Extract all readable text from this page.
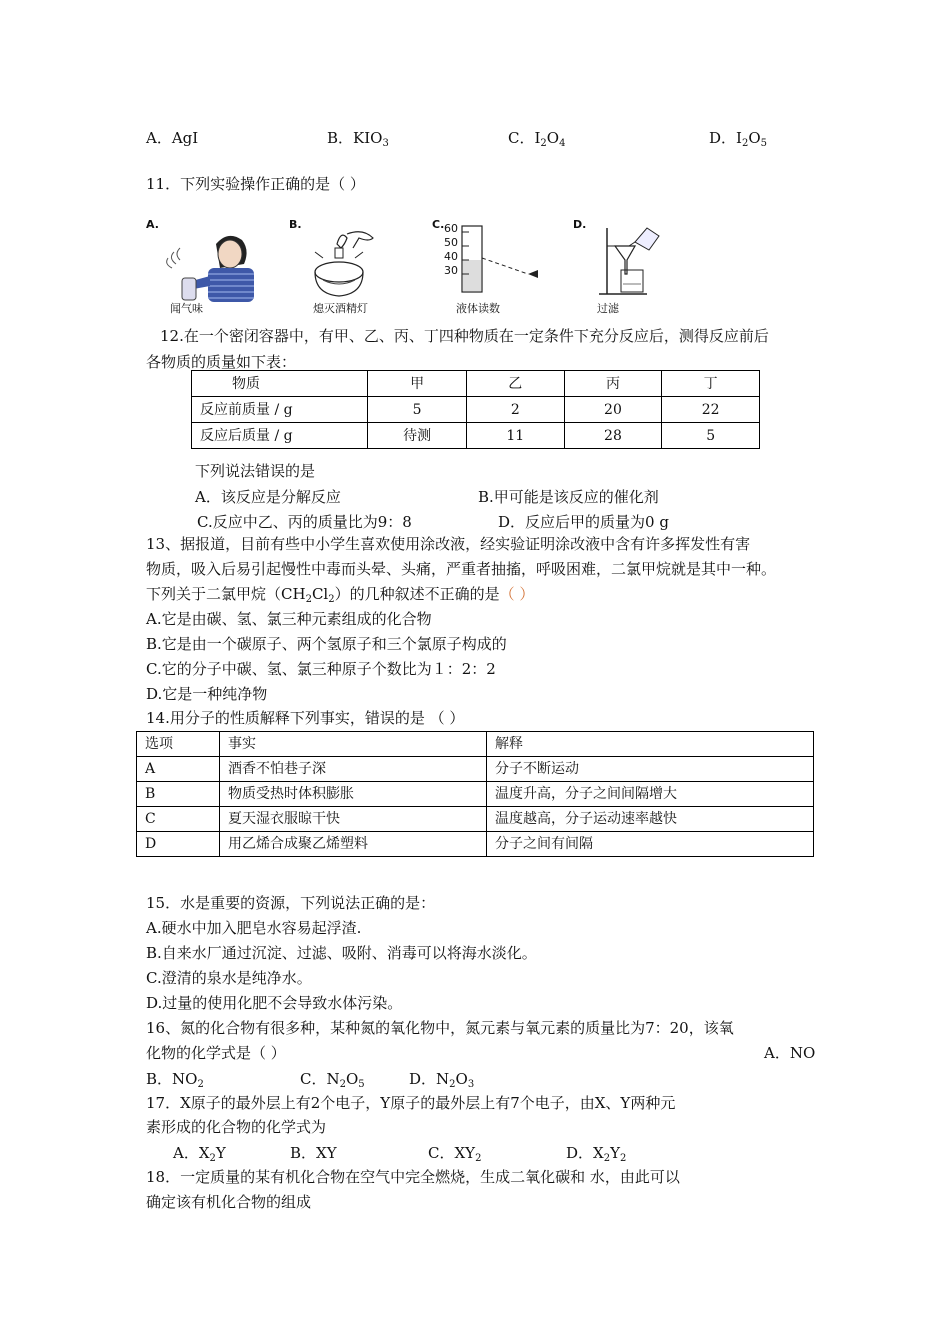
A．AgI	B．$KIO_3$	C．$I_2O_4$	D．$I_2O_5$
11．下列实验操作正确的是（ ）
A.
闻气味
B.
熄灭酒精灯
C. 60
50
40
30
液体读数
D.
过滤
12.在一个密闭容器中，有甲、乙、丙、丁四种物质在一定条件下充分反应后，测得反应前后
各物质的质量如下表：
物质	甲	乙	丙	丁
反应前质量 / g	5	2	20	22
反应后质量 / g	待测	11	28	5
下列说法错误的是
A．该反应是分解反应	B.甲可能是该反应的催化剂
C.反应中乙、丙的质量比为9：8	D．反应后甲的质量为0 g
13、据报道，目前有些中小学生喜欢使用涂改液，经实验证明涂改液中含有许多挥发性有害
物质，吸入后易引起慢性中毒而头晕、头痛，严重者抽搐，呼吸困难，二氯甲烷就是其中一种。
下列关于二氯甲烷$(CH_2Cl_2)$的几种叙述不正确的是（ ）
A.它是由碳、氢、氯三种元素组成的化合物
B.它是由一个碳原子、两个氢原子和三个氯原子构成的
C.它的分子中碳、氢、氯三种原子个数比为１：2：2
D.它是一种纯净物
14.用分子的性质解释下列事实，错误的是 （ ）
选项	事实	解释
A	酒香不怕巷子深	分子不断运动
B	物质受热时体积膨胀	温度升高，分子之间间隔增大
C	夏天湿衣服晾干快	温度越高，分子运动速率越快
D	用乙烯合成聚乙烯塑料	分子之间有间隔
15．水是重要的资源，下列说法正确的是：
A.硬水中加入肥皂水容易起浮渣.
B.自来水厂通过沉淀、过滤、吸附、消毒可以将海水淡化。
C.澄清的泉水是纯净水。
D.过量的使用化肥不会导致水体污染。
16、氮的化合物有很多种，某种氮的氧化物中，氮元素与氧元素的质量比为7：20，该氧
化物的化学式是（ ）	A．NO
B．$NO_2$	C．$N_2O_5$	D．$N_2O_3$
17．X原子的最外层上有2个电子，Y原子的最外层上有7个电子，由X、Y两种元
素形成的化合物的化学式为
A．$X_2Y$	B．XY	C．$XY_2$	D．$X_2Y_2$
18．一定质量的某有机化合物在空气中完全燃烧，生成二氧化碳和 水，由此可以
确定该有机化合物的组成
